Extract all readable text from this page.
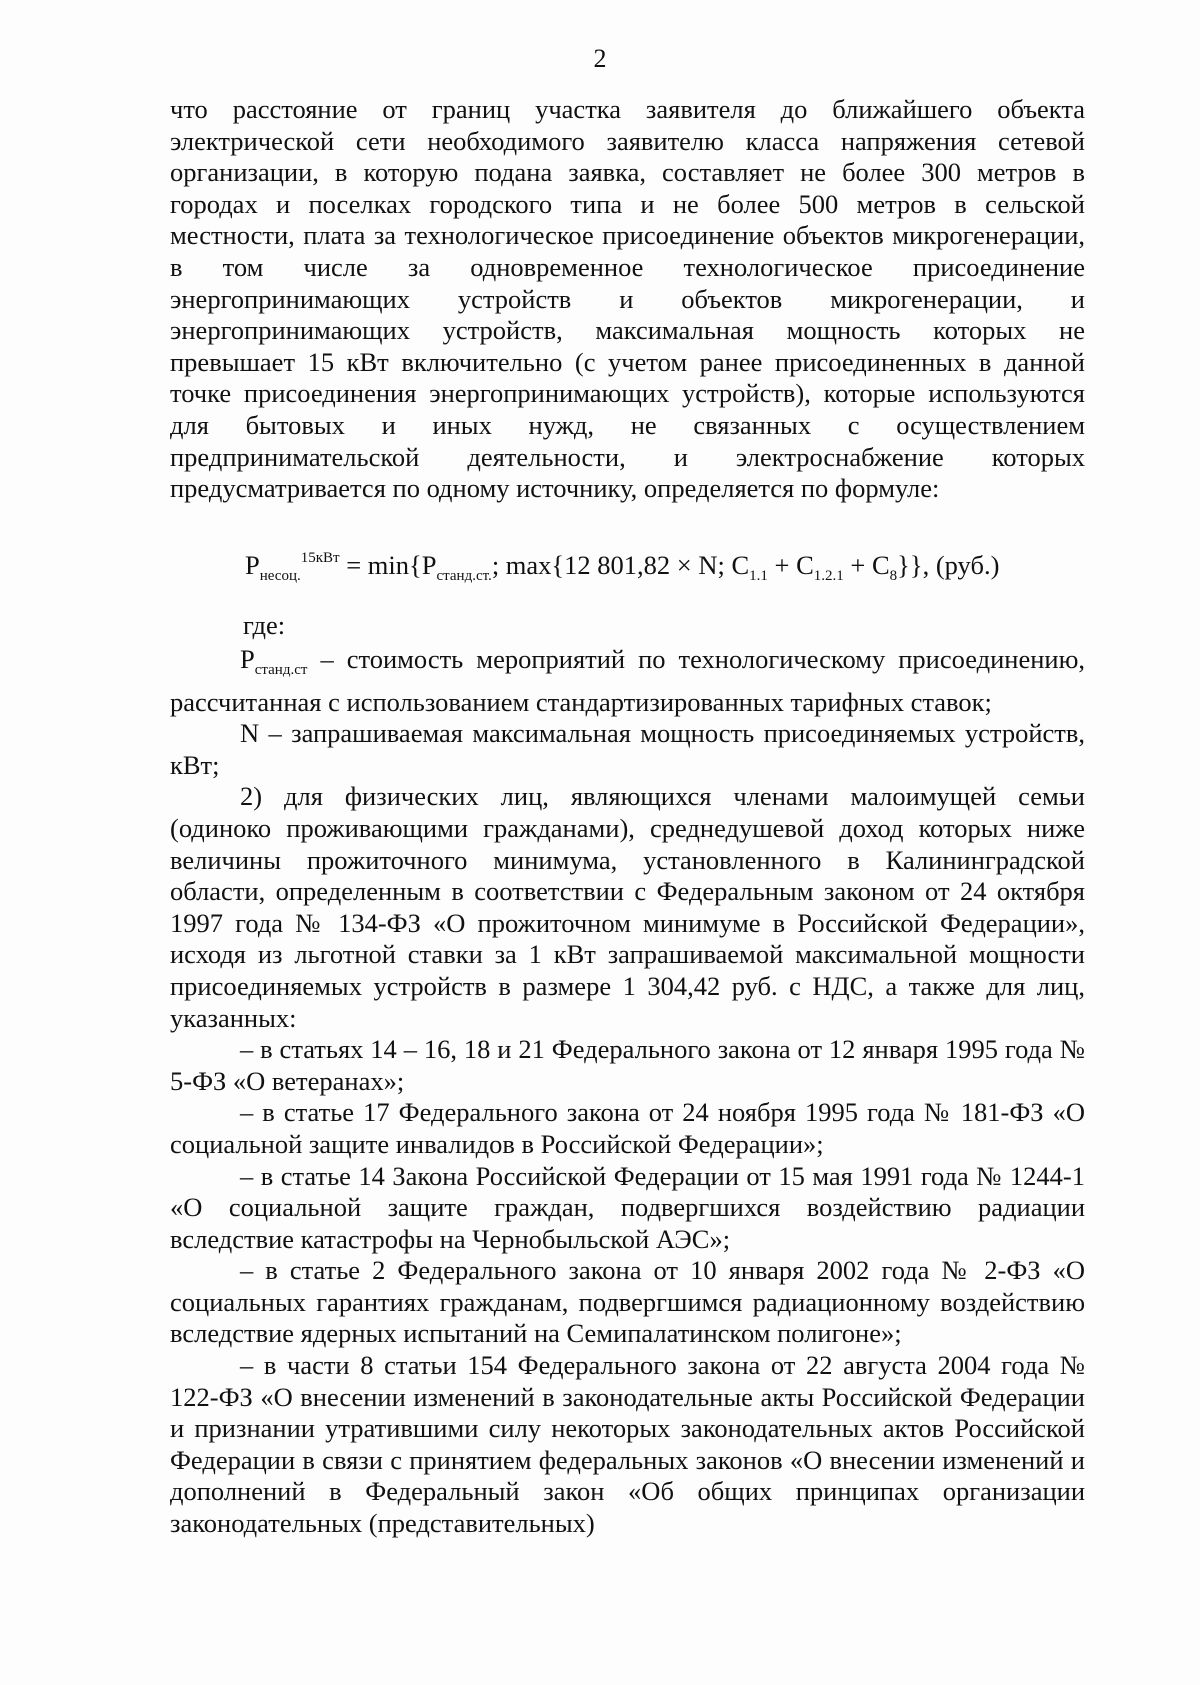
2

что расстояние от границ участка заявителя до ближайшего объекта электрической сети необходимого заявителю класса напряжения сетевой организации, в которую подана заявка, составляет не более 300 метров в городах и поселках городского типа и не более 500 метров в сельской местности, плата за технологическое присоединение объектов микрогенерации, в том числе за одновременное технологическое присоединение энергопринимающих устройств и объектов микрогенерации, и энергопринимающих устройств, максимальная мощность которых не превышает 15 кВт включительно (с учетом ранее присоединенных в данной точке присоединения энергопринимающих устройств), которые используются для бытовых и иных нужд, не связанных с осуществлением предпринимательской деятельности, и электроснабжение которых предусматривается по одному источнику, определяется по формуле:

$P_{несоц.}^{15кВт} = \min\{P_{станд.ст.}$; max{12 801,82 × N; $C_{1.1} + C_{1.2.1} + C_8$}}, (руб.)
где:

$P_{станд.ст}$ – стоимость мероприятий по технологическому присоединению, рассчитанная с использованием стандартизированных тарифных ставок;

N – запрашиваемая максимальная мощность присоединяемых устройств, кВт;

2) для физических лиц, являющихся членами малоимущей семьи (одиноко проживающими гражданами), среднедушевой доход которых ниже величины прожиточного минимума, установленного в Калининградской области, определенным в соответствии с Федеральным законом от 24 октября 1997 года № 134-ФЗ «О прожиточном минимуме в Российской Федерации», исходя из льготной ставки за 1 кВт запрашиваемой максимальной мощности присоединяемых устройств в размере 1 304,42 руб. с НДС, а также для лиц, указанных:

– в статьях 14 – 16, 18 и 21 Федерального закона от 12 января 1995 года № 5-ФЗ «О ветеранах»;

– в статье 17 Федерального закона от 24 ноября 1995 года № 181-ФЗ «О социальной защите инвалидов в Российской Федерации»;

– в статье 14 Закона Российской Федерации от 15 мая 1991 года № 1244-1 «О социальной защите граждан, подвергшихся воздействию радиации вследствие катастрофы на Чернобыльской АЭС»;

– в статье 2 Федерального закона от 10 января 2002 года № 2-ФЗ «О социальных гарантиях гражданам, подвергшимся радиационному воздействию вследствие ядерных испытаний на Семипалатинском полигоне»;

– в части 8 статьи 154 Федерального закона от 22 августа 2004 года № 122-ФЗ «О внесении изменений в законодательные акты Российской Федерации и признании утратившими силу некоторых законодательных актов Российской Федерации в связи с принятием федеральных законов «О внесении изменений и дополнений в Федеральный закон «Об общих принципах организации законодательных (представительных)
